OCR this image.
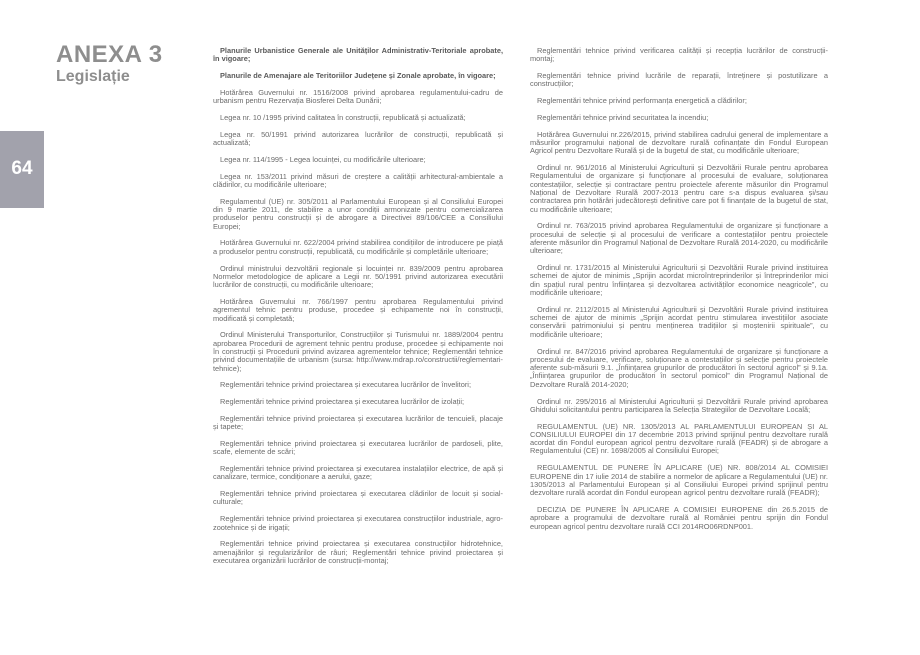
ANEXA 3
Legislație
64

Planurile Urbanistice Generale ale Unităților Administrativ-Teritoriale aprobate, în vigoare;

Planurile de Amenajare ale Teritoriilor Județene și Zonale aprobate, în vigoare;

Hotărârea Guvernului nr. 1516/2008 privind aprobarea regulamentului-cadru de urbanism pentru Rezervația Biosferei Delta Dunării;

Legea nr. 10 /1995 privind calitatea în construcții, republicată și actualizată;

Legea nr. 50/1991 privind autorizarea lucrărilor de construcții, republicată și actualizată;

Legea nr. 114/1995 - Legea locuinței, cu modificările ulterioare;

Legea nr. 153/2011 privind măsuri de creștere a calității arhitectural-ambientale a clădirilor, cu modificările ulterioare;

Regulamentul (UE) nr. 305/2011 al Parlamentului European și al Consiliului Europei din 9 martie 2011, de stabilire a unor condiții armonizate pentru comercializarea produselor pentru construcții și de abrogare a Directivei 89/106/CEE a Consiliului Europei;

Hotărârea Guvernului nr. 622/2004 privind stabilirea condițiilor de introducere pe piață a produselor pentru construcții, republicată, cu modificările și completările ulterioare;

Ordinul ministrului dezvoltării regionale și locuinței nr. 839/2009 pentru aprobarea Normelor metodologice de aplicare a Legii nr. 50/1991 privind autorizarea executării lucrărilor de construcții, cu modificările ulterioare;

Hotărârea Guvernului nr. 766/1997 pentru aprobarea Regulamentului privind agrementul tehnic pentru produse, procedee și echipamente noi în construcții, modificată și completată;

Ordinul Ministerului Transporturilor, Construcțiilor și Turismului nr. 1889/2004 pentru aprobarea Procedurii de agrement tehnic pentru produse, procedee și echipamente noi în construcții și Procedurii privind avizarea agrementelor tehnice; Reglementări tehnice privind documentațiile de urbanism (sursa: http://www.mdrap.ro/constructii/reglementari-tehnice);

Reglementări tehnice privind proiectarea și executarea lucrărilor de învelitori;

Reglementări tehnice privind proiectarea și executarea lucrărilor de izolații;

Reglementări tehnice privind proiectarea și executarea lucrărilor de tencuieli, placaje și tapete;

Reglementări tehnice privind proiectarea și executarea lucrărilor de pardoseli, plite, scafe, elemente de scări;

Reglementări tehnice privind proiectarea și executarea instalațiilor electrice, de apă și canalizare, termice, condiționare a aerului, gaze;

Reglementări tehnice privind proiectarea și executarea clădirilor de locuit și social-culturale;

Reglementări tehnice privind proiectarea și executarea construcțiilor industriale, agro-zootehnice și de irigații;

Reglementări tehnice privind proiectarea și executarea construcțiilor hidrotehnice, amenajărilor și regularizărilor de râuri; Reglementări tehnice privind proiectarea și executarea organizării lucrărilor de construcții-montaj;

Reglementări tehnice privind verificarea calității și recepția lucrărilor de construcții-montaj;

Reglementări tehnice privind lucrările de reparații, întreținere și postutilizare a construcțiilor;

Reglementări tehnice privind performanța energetică a clădirilor;

Reglementări tehnice privind securitatea la incendiu;

Hotărârea Guvernului nr.226/2015, privind stabilirea cadrului general de implementare a măsurilor programului național de dezvoltare rurală cofinanțate din Fondul European Agricol pentru Dezvoltare Rurală și de la bugetul de stat, cu modificările ulterioare;

Ordinul nr. 961/2016 al Ministerului Agriculturii și Dezvoltării Rurale pentru aprobarea Regulamentului de organizare și funcționare al procesului de evaluare, soluționarea contestațiilor, selecție și contractare pentru proiectele aferente măsurilor din Programul Național de Dezvoltare Rurală 2007-2013 pentru care s-a dispus evaluarea și/sau contractarea prin hotărâri judecătorești definitive care pot fi finanțate de la bugetul de stat, cu modificările ulterioare;

Ordinul nr. 763/2015 privind aprobarea Regulamentului de organizare și funcționare a procesului de selecție și al procesului de verificare a contestațiilor pentru proiectele aferente măsurilor din Programul Național de Dezvoltare Rurală 2014-2020, cu modificările ulterioare;

Ordinul nr. 1731/2015 al Ministerului Agriculturii și Dezvoltării Rurale privind instituirea schemei de ajutor de minimis „Sprijin acordat microîntreprinderilor și întreprinderilor mici din spațiul rural pentru înființarea și dezvoltarea activităților economice neagricole”, cu modificările ulterioare;

Ordinul nr. 2112/2015 al Ministerului Agriculturii și Dezvoltării Rurale privind instituirea schemei de ajutor de minimis „Sprijin acordat pentru stimularea investițiilor asociate conservării patrimoniului și pentru menținerea tradițiilor și moștenirii spirituale”, cu modificările ulterioare;

Ordinul nr. 847/2016 privind aprobarea Regulamentului de organizare și funcționare a procesului de evaluare, verificare, soluționare a contestațiilor și selecție pentru proiectele aferente sub-măsurii 9.1. „Înființarea grupurilor de producători în sectorul agricol” și 9.1a. „Înființarea grupurilor de producători în sectorul pomicol” din Programul Național de Dezvoltare Rurală 2014-2020;

Ordinul nr. 295/2016 al Ministerului Agriculturii și Dezvoltării Rurale privind aprobarea Ghidului solicitantului pentru participarea la Selecția Strategiilor de Dezvoltare Locală;

REGULAMENTUL (UE) NR. 1305/2013 AL PARLAMENTULUI EUROPEAN ȘI AL CONSILIULUI EUROPEI din 17 decembrie 2013 privind sprijinul pentru dezvoltare rurală acordat din Fondul european agricol pentru dezvoltare rurală (FEADR) și de abrogare a Regulamentului (CE) nr. 1698/2005 al Consiliului Europei;

REGULAMENTUL DE PUNERE ÎN APLICARE (UE) NR. 808/2014 AL COMISIEI EUROPENE din 17 iulie 2014 de stabilire a normelor de aplicare a Regulamentului (UE) nr. 1305/2013 al Parlamentului European și al Consiliului Europei privind sprijinul pentru dezvoltare rurală acordat din Fondul european agricol pentru dezvoltare rurală (FEADR);

DECIZIA DE PUNERE ÎN APLICARE A COMISIEI EUROPENE din 26.5.2015 de aprobare a programului de dezvoltare rurală al României pentru sprijin din Fondul european agricol pentru dezvoltare rurală CCI 2014RO06RDNP001.
